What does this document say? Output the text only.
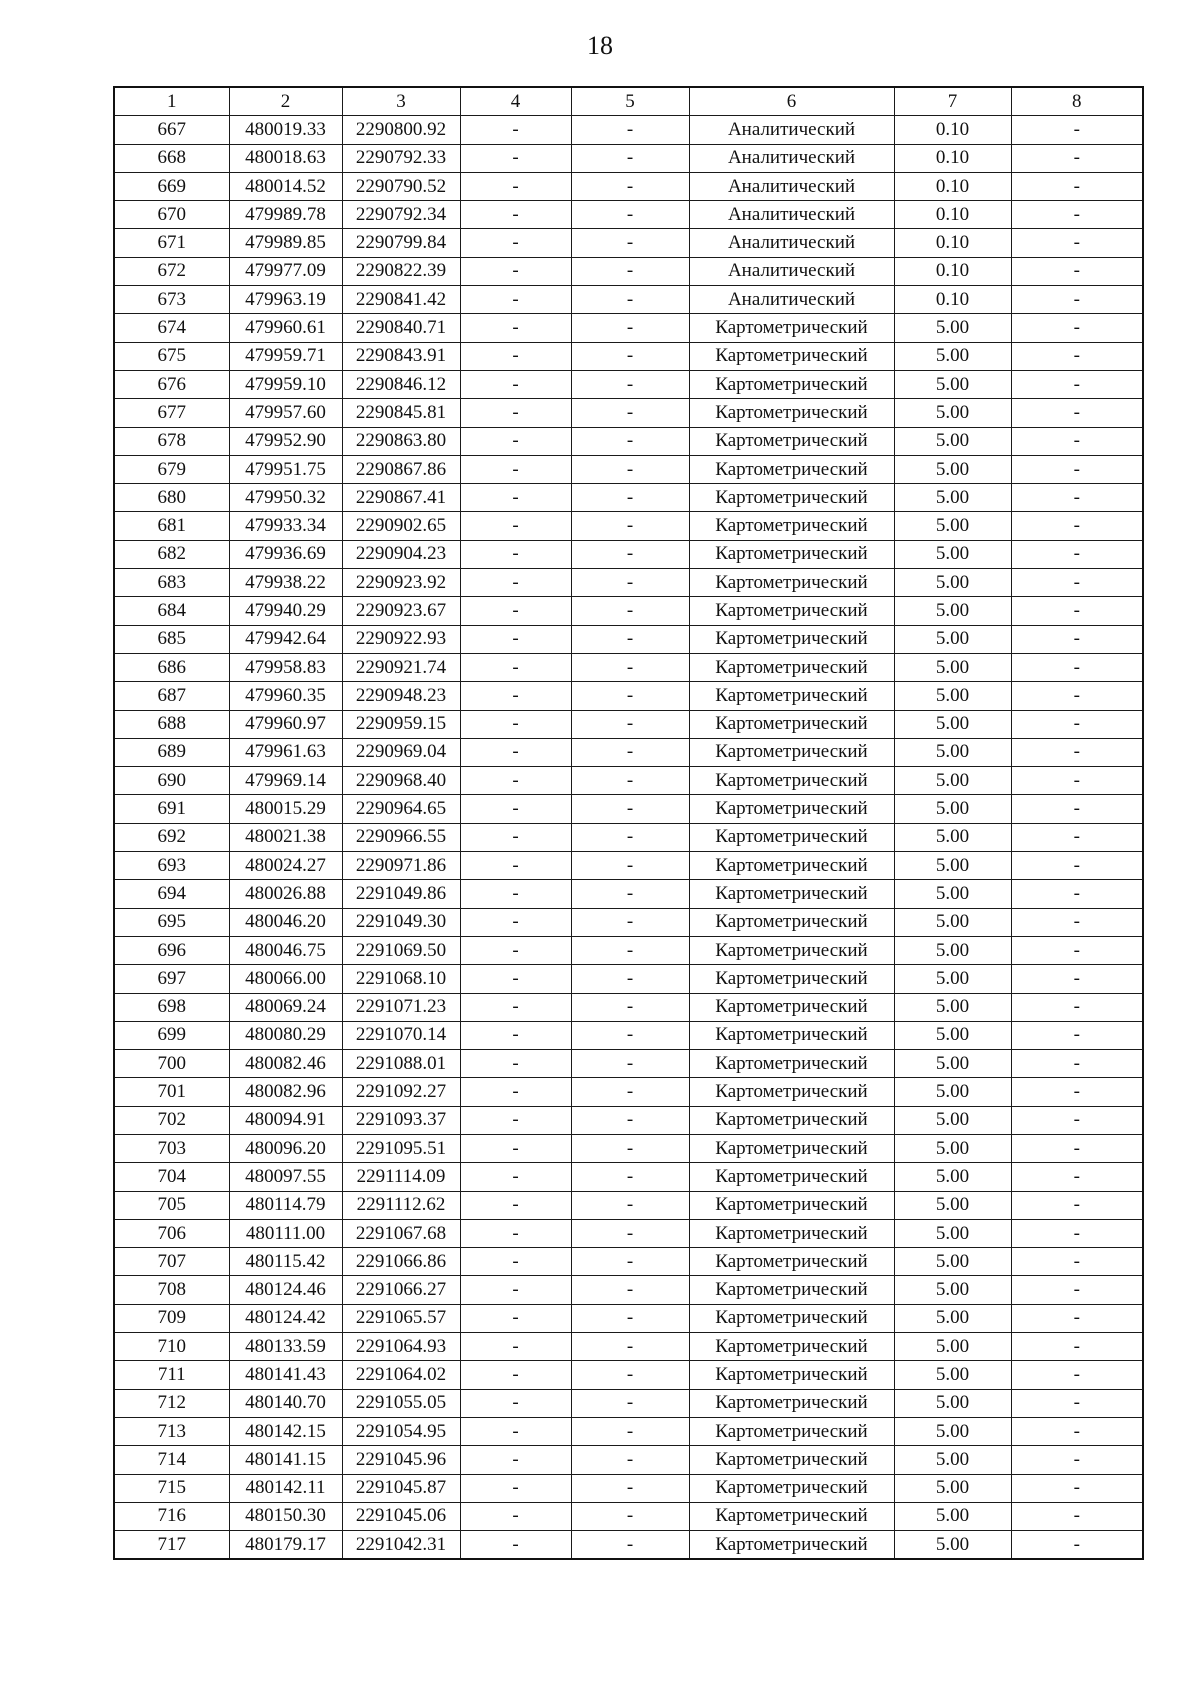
18
1	2	3	4	5	6	7	8
667	480019.33	2290800.92	-	-	Аналитический	0.10	-
668	480018.63	2290792.33	-	-	Аналитический	0.10	-
669	480014.52	2290790.52	-	-	Аналитический	0.10	-
670	479989.78	2290792.34	-	-	Аналитический	0.10	-
671	479989.85	2290799.84	-	-	Аналитический	0.10	-
672	479977.09	2290822.39	-	-	Аналитический	0.10	-
673	479963.19	2290841.42	-	-	Аналитический	0.10	-
674	479960.61	2290840.71	-	-	Картометрический	5.00	-
675	479959.71	2290843.91	-	-	Картометрический	5.00	-
676	479959.10	2290846.12	-	-	Картометрический	5.00	-
677	479957.60	2290845.81	-	-	Картометрический	5.00	-
678	479952.90	2290863.80	-	-	Картометрический	5.00	-
679	479951.75	2290867.86	-	-	Картометрический	5.00	-
680	479950.32	2290867.41	-	-	Картометрический	5.00	-
681	479933.34	2290902.65	-	-	Картометрический	5.00	-
682	479936.69	2290904.23	-	-	Картометрический	5.00	-
683	479938.22	2290923.92	-	-	Картометрический	5.00	-
684	479940.29	2290923.67	-	-	Картометрический	5.00	-
685	479942.64	2290922.93	-	-	Картометрический	5.00	-
686	479958.83	2290921.74	-	-	Картометрический	5.00	-
687	479960.35	2290948.23	-	-	Картометрический	5.00	-
688	479960.97	2290959.15	-	-	Картометрический	5.00	-
689	479961.63	2290969.04	-	-	Картометрический	5.00	-
690	479969.14	2290968.40	-	-	Картометрический	5.00	-
691	480015.29	2290964.65	-	-	Картометрический	5.00	-
692	480021.38	2290966.55	-	-	Картометрический	5.00	-
693	480024.27	2290971.86	-	-	Картометрический	5.00	-
694	480026.88	2291049.86	-	-	Картометрический	5.00	-
695	480046.20	2291049.30	-	-	Картометрический	5.00	-
696	480046.75	2291069.50	-	-	Картометрический	5.00	-
697	480066.00	2291068.10	-	-	Картометрический	5.00	-
698	480069.24	2291071.23	-	-	Картометрический	5.00	-
699	480080.29	2291070.14	-	-	Картометрический	5.00	-
700	480082.46	2291088.01	-	-	Картометрический	5.00	-
701	480082.96	2291092.27	-	-	Картометрический	5.00	-
702	480094.91	2291093.37	-	-	Картометрический	5.00	-
703	480096.20	2291095.51	-	-	Картометрический	5.00	-
704	480097.55	2291114.09	-	-	Картометрический	5.00	-
705	480114.79	2291112.62	-	-	Картометрический	5.00	-
706	480111.00	2291067.68	-	-	Картометрический	5.00	-
707	480115.42	2291066.86	-	-	Картометрический	5.00	-
708	480124.46	2291066.27	-	-	Картометрический	5.00	-
709	480124.42	2291065.57	-	-	Картометрический	5.00	-
710	480133.59	2291064.93	-	-	Картометрический	5.00	-
711	480141.43	2291064.02	-	-	Картометрический	5.00	-
712	480140.70	2291055.05	-	-	Картометрический	5.00	-
713	480142.15	2291054.95	-	-	Картометрический	5.00	-
714	480141.15	2291045.96	-	-	Картометрический	5.00	-
715	480142.11	2291045.87	-	-	Картометрический	5.00	-
716	480150.30	2291045.06	-	-	Картометрический	5.00	-
717	480179.17	2291042.31	-	-	Картометрический	5.00	-
